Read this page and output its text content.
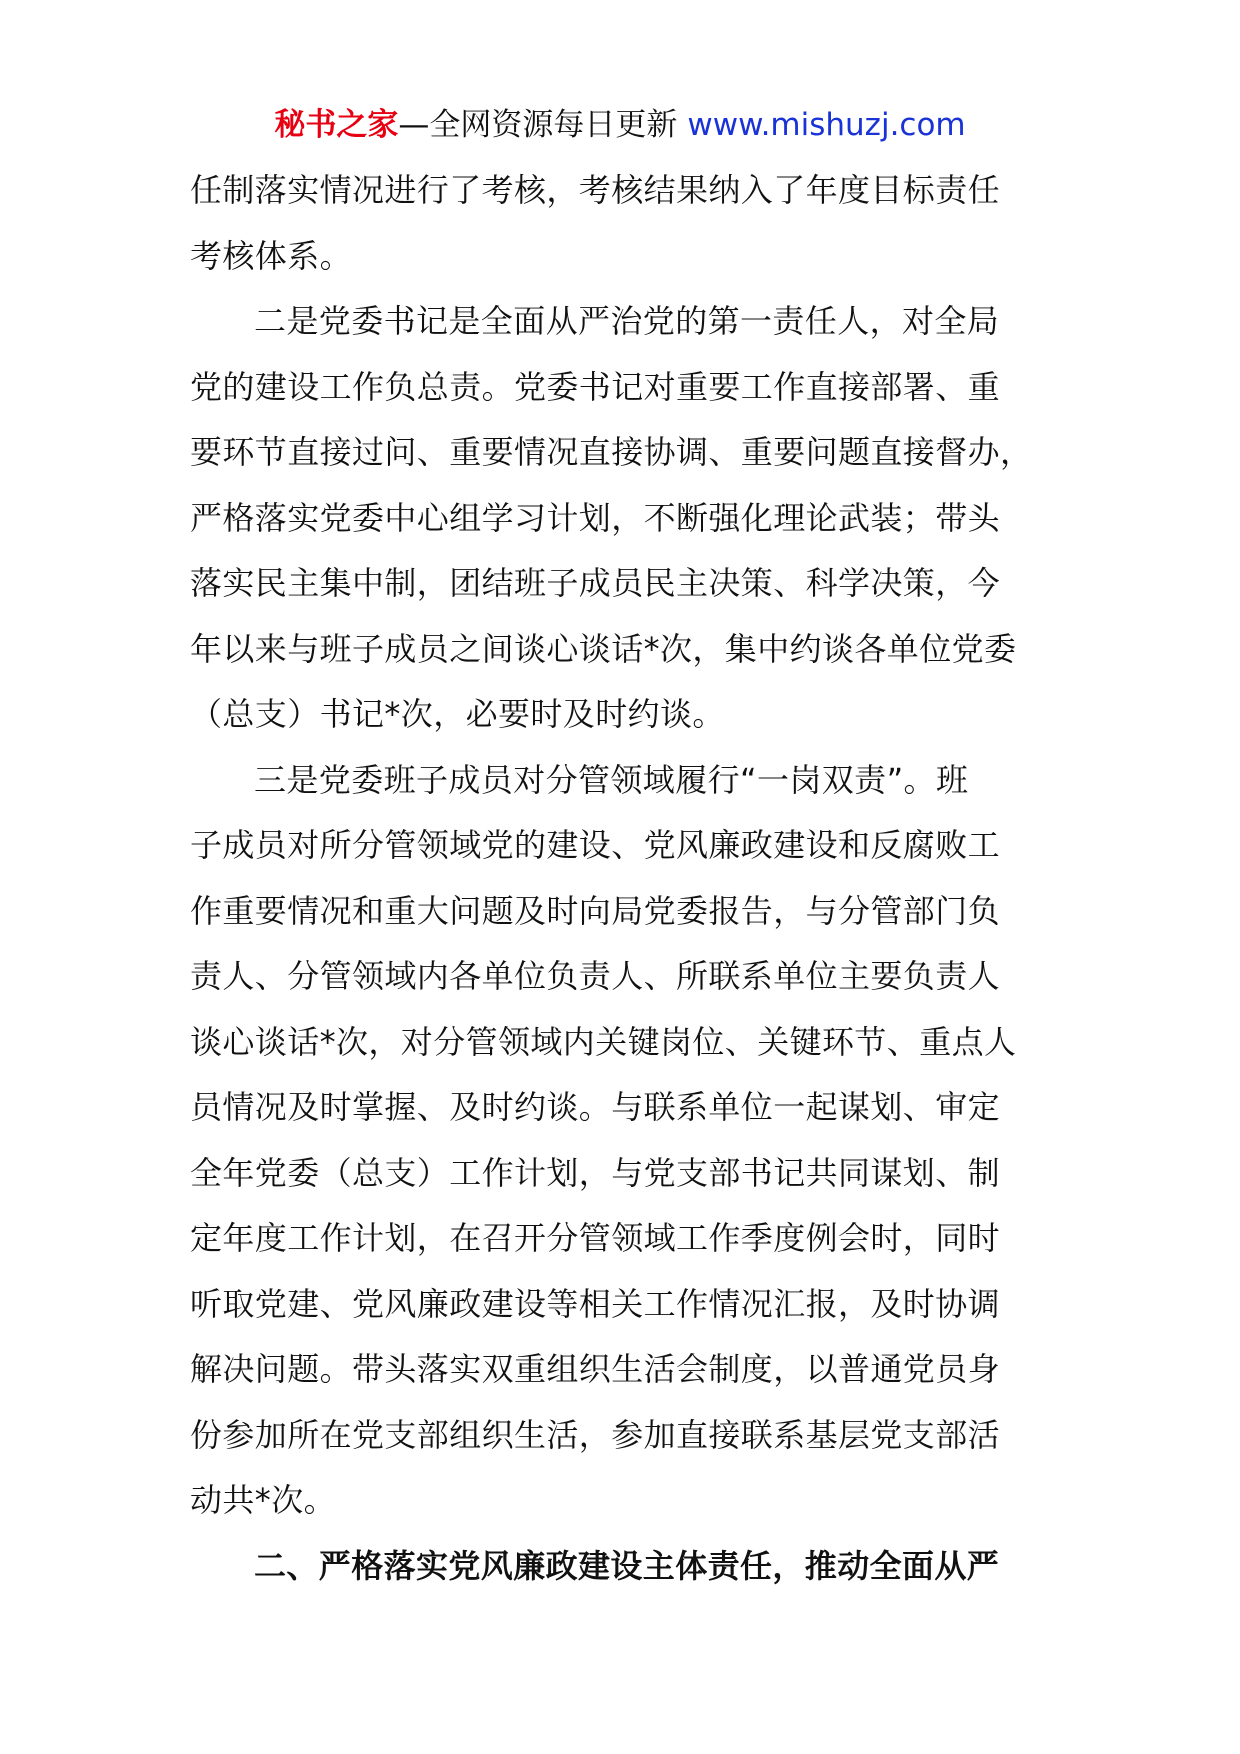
秘书之家—全网资源每日更新 www.mishuzj.com
任制落实情况进行了考核，考核结果纳入了年度目标责任
考核体系。
二是党委书记是全面从严治党的第一责任人，对全局
党的建设工作负总责。党委书记对重要工作直接部署、重
要环节直接过问、重要情况直接协调、重要问题直接督办，
严格落实党委中心组学习计划，不断强化理论武装；带头
落实民主集中制，团结班子成员民主决策、科学决策，今
年以来与班子成员之间谈心谈话*次，集中约谈各单位党委
（总支）书记*次，必要时及时约谈。
三是党委班子成员对分管领域履行“一岗双责”。班
子成员对所分管领域党的建设、党风廉政建设和反腐败工
作重要情况和重大问题及时向局党委报告，与分管部门负
责人、分管领域内各单位负责人、所联系单位主要负责人
谈心谈话*次，对分管领域内关键岗位、关键环节、重点人
员情况及时掌握、及时约谈。与联系单位一起谋划、审定
全年党委（总支）工作计划，与党支部书记共同谋划、制
定年度工作计划，在召开分管领域工作季度例会时，同时
听取党建、党风廉政建设等相关工作情况汇报，及时协调
解决问题。带头落实双重组织生活会制度，以普通党员身
份参加所在党支部组织生活，参加直接联系基层党支部活
动共*次。
二、严格落实党风廉政建设主体责任，推动全面从严
